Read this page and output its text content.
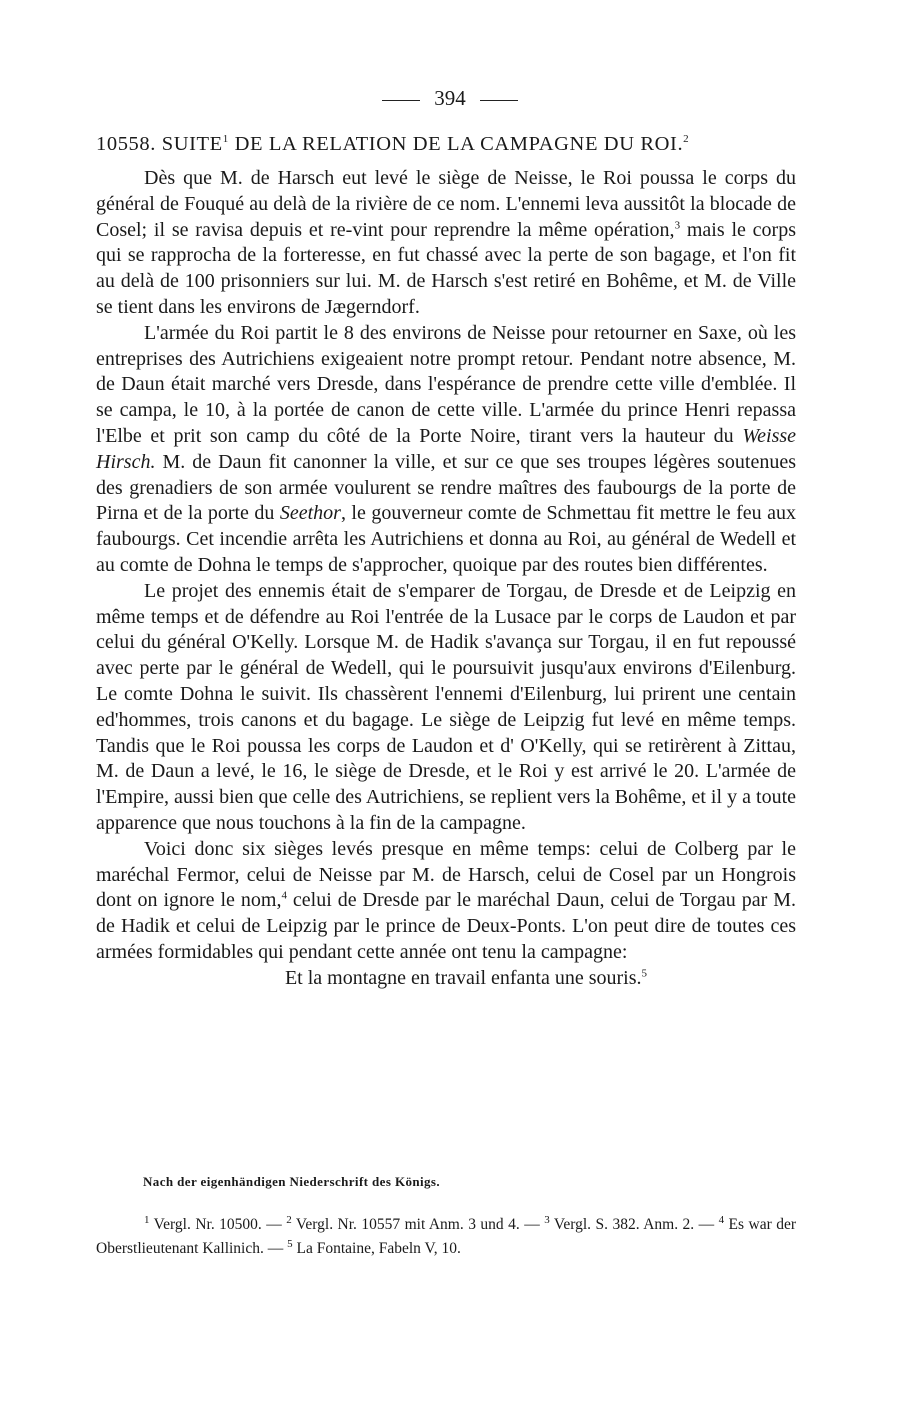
394
10558. SUITE$^1$ DE LA RELATION DE LA CAMPAGNE DU ROI.$^2$

Dès que M. de Harsch eut levé le siège de Neisse, le Roi poussa le corps du général de Fouqué au delà de la rivière de ce nom. L'ennemi leva aussitôt la blocade de Cosel; il se ravisa depuis et re-vint pour reprendre la même opération,$^3$ mais le corps qui se rapprocha de la forteresse, en fut chassé avec la perte de son bagage, et l'on fit au delà de 100 prisonniers sur lui. M. de Harsch s'est retiré en Bohême, et M. de Ville se tient dans les environs de Jægerndorf.

L'armée du Roi partit le 8 des environs de Neisse pour retourner en Saxe, où les entreprises des Autrichiens exigeaient notre prompt retour. Pendant notre absence, M. de Daun était marché vers Dresde, dans l'espérance de prendre cette ville d'emblée. Il se campa, le 10, à la portée de canon de cette ville. L'armée du prince Henri repassa l'Elbe et prit son camp du côté de la Porte Noire, tirant vers la hauteur du Weisse Hirsch. M. de Daun fit canonner la ville, et sur ce que ses troupes légères soutenues des grenadiers de son armée voulurent se rendre maîtres des faubourgs de la porte de Pirna et de la porte du Seethor, le gouverneur comte de Schmettau fit mettre le feu aux faubourgs. Cet incendie arrêta les Autrichiens et donna au Roi, au général de Wedell et au comte de Dohna le temps de s'approcher, quoique par des routes bien différentes.

Le projet des ennemis était de s'emparer de Torgau, de Dresde et de Leipzig en même temps et de défendre au Roi l'entrée de la Lusace par le corps de Laudon et par celui du général O'Kelly. Lorsque M. de Hadik s'avança sur Torgau, il en fut repoussé avec perte par le général de Wedell, qui le poursuivit jusqu'aux environs d'Eilenburg. Le comte Dohna le suivit. Ils chassèrent l'ennemi d'Eilenburg, lui prirent une centain ed'hommes, trois canons et du bagage. Le siège de Leipzig fut levé en même temps. Tandis que le Roi poussa les corps de Laudon et d' O'Kelly, qui se retirèrent à Zittau, M. de Daun a levé, le 16, le siège de Dresde, et le Roi y est arrivé le 20. L'armée de l'Empire, aussi bien que celle des Autrichiens, se replient vers la Bohême, et il y a toute apparence que nous touchons à la fin de la campagne.

Voici donc six sièges levés presque en même temps: celui de Colberg par le maréchal Fermor, celui de Neisse par M. de Harsch, celui de Cosel par un Hongrois dont on ignore le nom,$^4$ celui de Dresde par le maréchal Daun, celui de Torgau par M. de Hadik et celui de Leipzig par le prince de Deux-Ponts. L'on peut dire de toutes ces armées formidables qui pendant cette année ont tenu la campagne:

Et la montagne en travail enfanta une souris.$^5$

Nach der eigenhändigen Niederschrift des Königs.
$^1$ Vergl. Nr. 10500. — $^2$ Vergl. Nr. 10557 mit Anm. 3 und 4. — $^3$ Vergl. S. 382. Anm. 2. — $^4$ Es war der Oberstlieutenant Kallinich. — $^5$ La Fontaine, Fabeln V, 10.
